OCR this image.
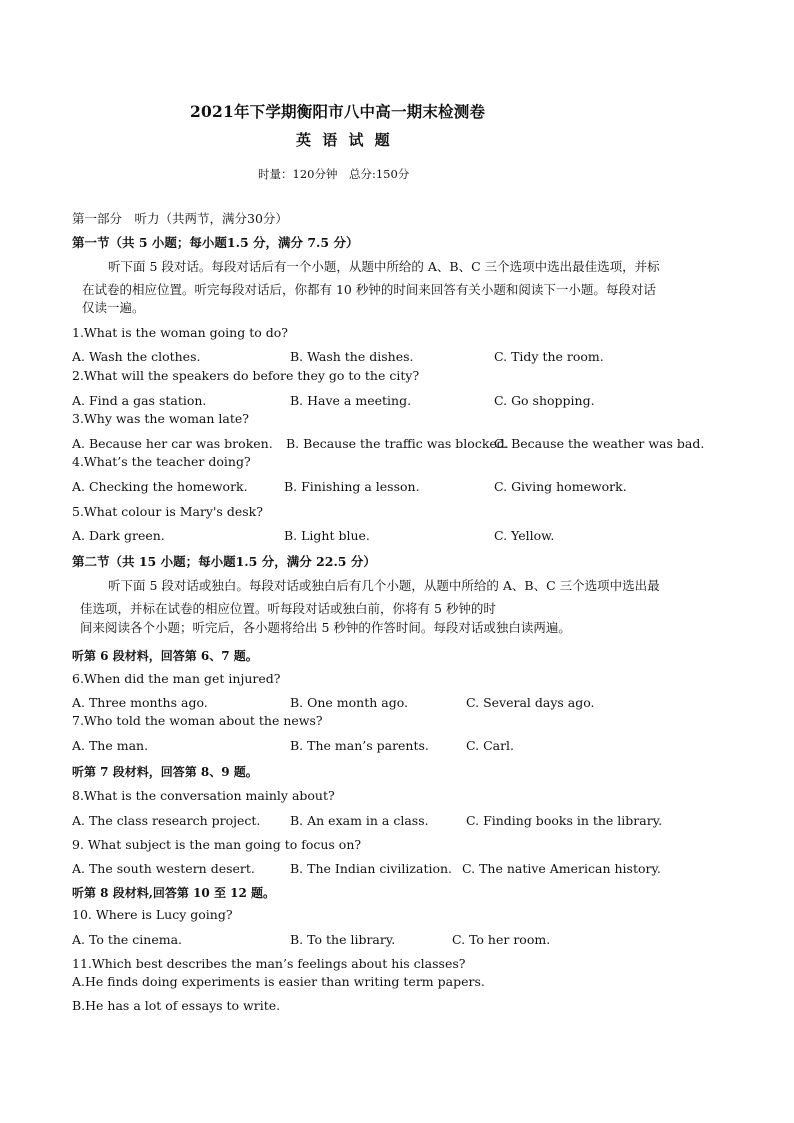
2021年下学期衡阳市八中高一期末检测卷
英 语 试 题
时量：120分钟　总分:150分
第一部分　听力（共两节，满分30分）
第一节（共 5 小题；每小题1.5 分，满分 7.5 分）
听下面 5 段对话。每段对话后有一个小题，从题中所给的 A、B、C 三个选项中选出最佳选项，并标
在试卷的相应位置。听完每段对话后，你都有 10 秒钟的时间来回答有关小题和阅读下一小题。每段对话
仅读一遍。
1.What is the woman going to do?
A. Wash the clothes.	B. Wash the dishes.	C. Tidy the room.
2.What will the speakers do before they go to the city?
A. Find a gas station.	B. Have a meeting.	C. Go shopping.
3.Why was the woman late?
A. Because her car was broken. B. Because the traffic was blocked.
C. Because the weather was bad.
4.What’s the teacher doing?
A. Checking the homework.	B. Finishing a lesson.	C. Giving homework.
5.What colour is Mary's desk?
A. Dark green.	B. Light blue.	C. Yellow.
第二节（共 15 小题；每小题1.5 分，满分 22.5 分）
听下面 5 段对话或独白。每段对话或独白后有几个小题，从题中所给的 A、B、C 三个选项中选出最
佳选项，并标在试卷的相应位置。听每段对话或独白前，你将有 5 秒钟的时
间来阅读各个小题；听完后，各小题将给出 5 秒钟的作答时间。每段对话或独白读两遍。
听第 6 段材料，回答第 6、7 题。
6.When did the man get injured?
A. Three months ago.	B. One month ago.	C. Several days ago.
7.Who told the woman about the news?
A. The man.	B. The man’s parents.	C. Carl.
听第 7 段材料，回答第 8、9 题。
8.What is the conversation mainly about?
A. The class research project. B. An exam in a class.	C. Finding books in the library.
9. What subject is the man going to focus on?
A. The south western desert.	B. The Indian civilization. C. The native American history.
听第 8 段材料,回答第 10 至 12 题。
10. Where is Lucy going?
A. To the cinema.	B. To the library.	C. To her room.
11.Which best describes the man’s feelings about his classes?
A.He finds doing experiments is easier than writing term papers.
B.He has a lot of essays to write.
